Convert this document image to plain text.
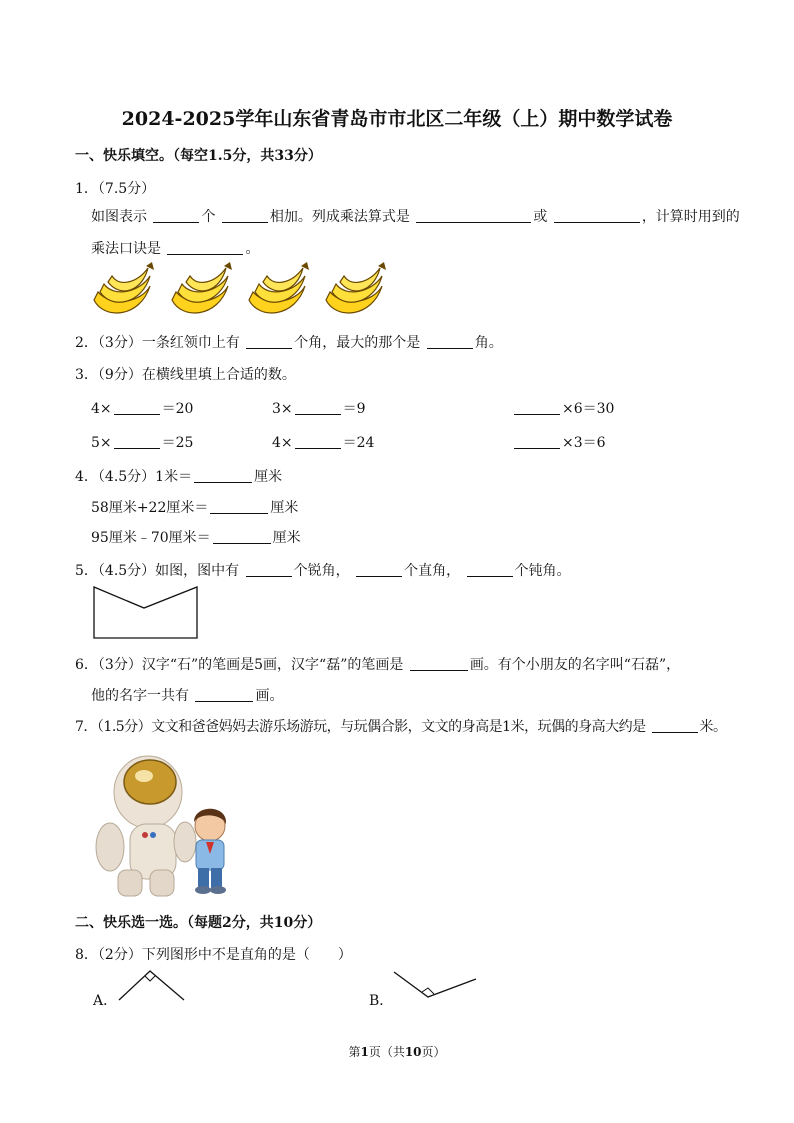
2024-2025学年山东省青岛市市北区二年级（上）期中数学试卷
一、快乐填空。（每空1.5分，共33分）
1．（7.5分）
如图表示	个	相加。列成乘法算式是	或	，计算时用到的
乘法口诀是	。
2．（3分）一条红领巾上有	个角，最大的那个是	角。
3．（9分）在横线里填上合适的数。
4×	＝20	3×	＝9	×6＝30
5×	＝25	4×	＝24	×3＝6
4．（4.5分）1米＝	厘米
58厘米+22厘米＝	厘米
95厘米﹣70厘米＝	厘米
5．（4.5分）如图，图中有	个锐角，	个直角，	个钝角。
6．（3分）汉字“石”的笔画是5画，汉字“磊”的笔画是	画。有个小朋友的名字叫“石磊”，
他的名字一共有	画。
7．（1.5分）文文和爸爸妈妈去游乐场游玩，与玩偶合影，文文的身高是1米，玩偶的身高大约是	米。
二、快乐选一选。（每题2分，共10分）
8．（2分）下列图形中不是直角的是（　　）
A．	B．
第1页（共10页）
